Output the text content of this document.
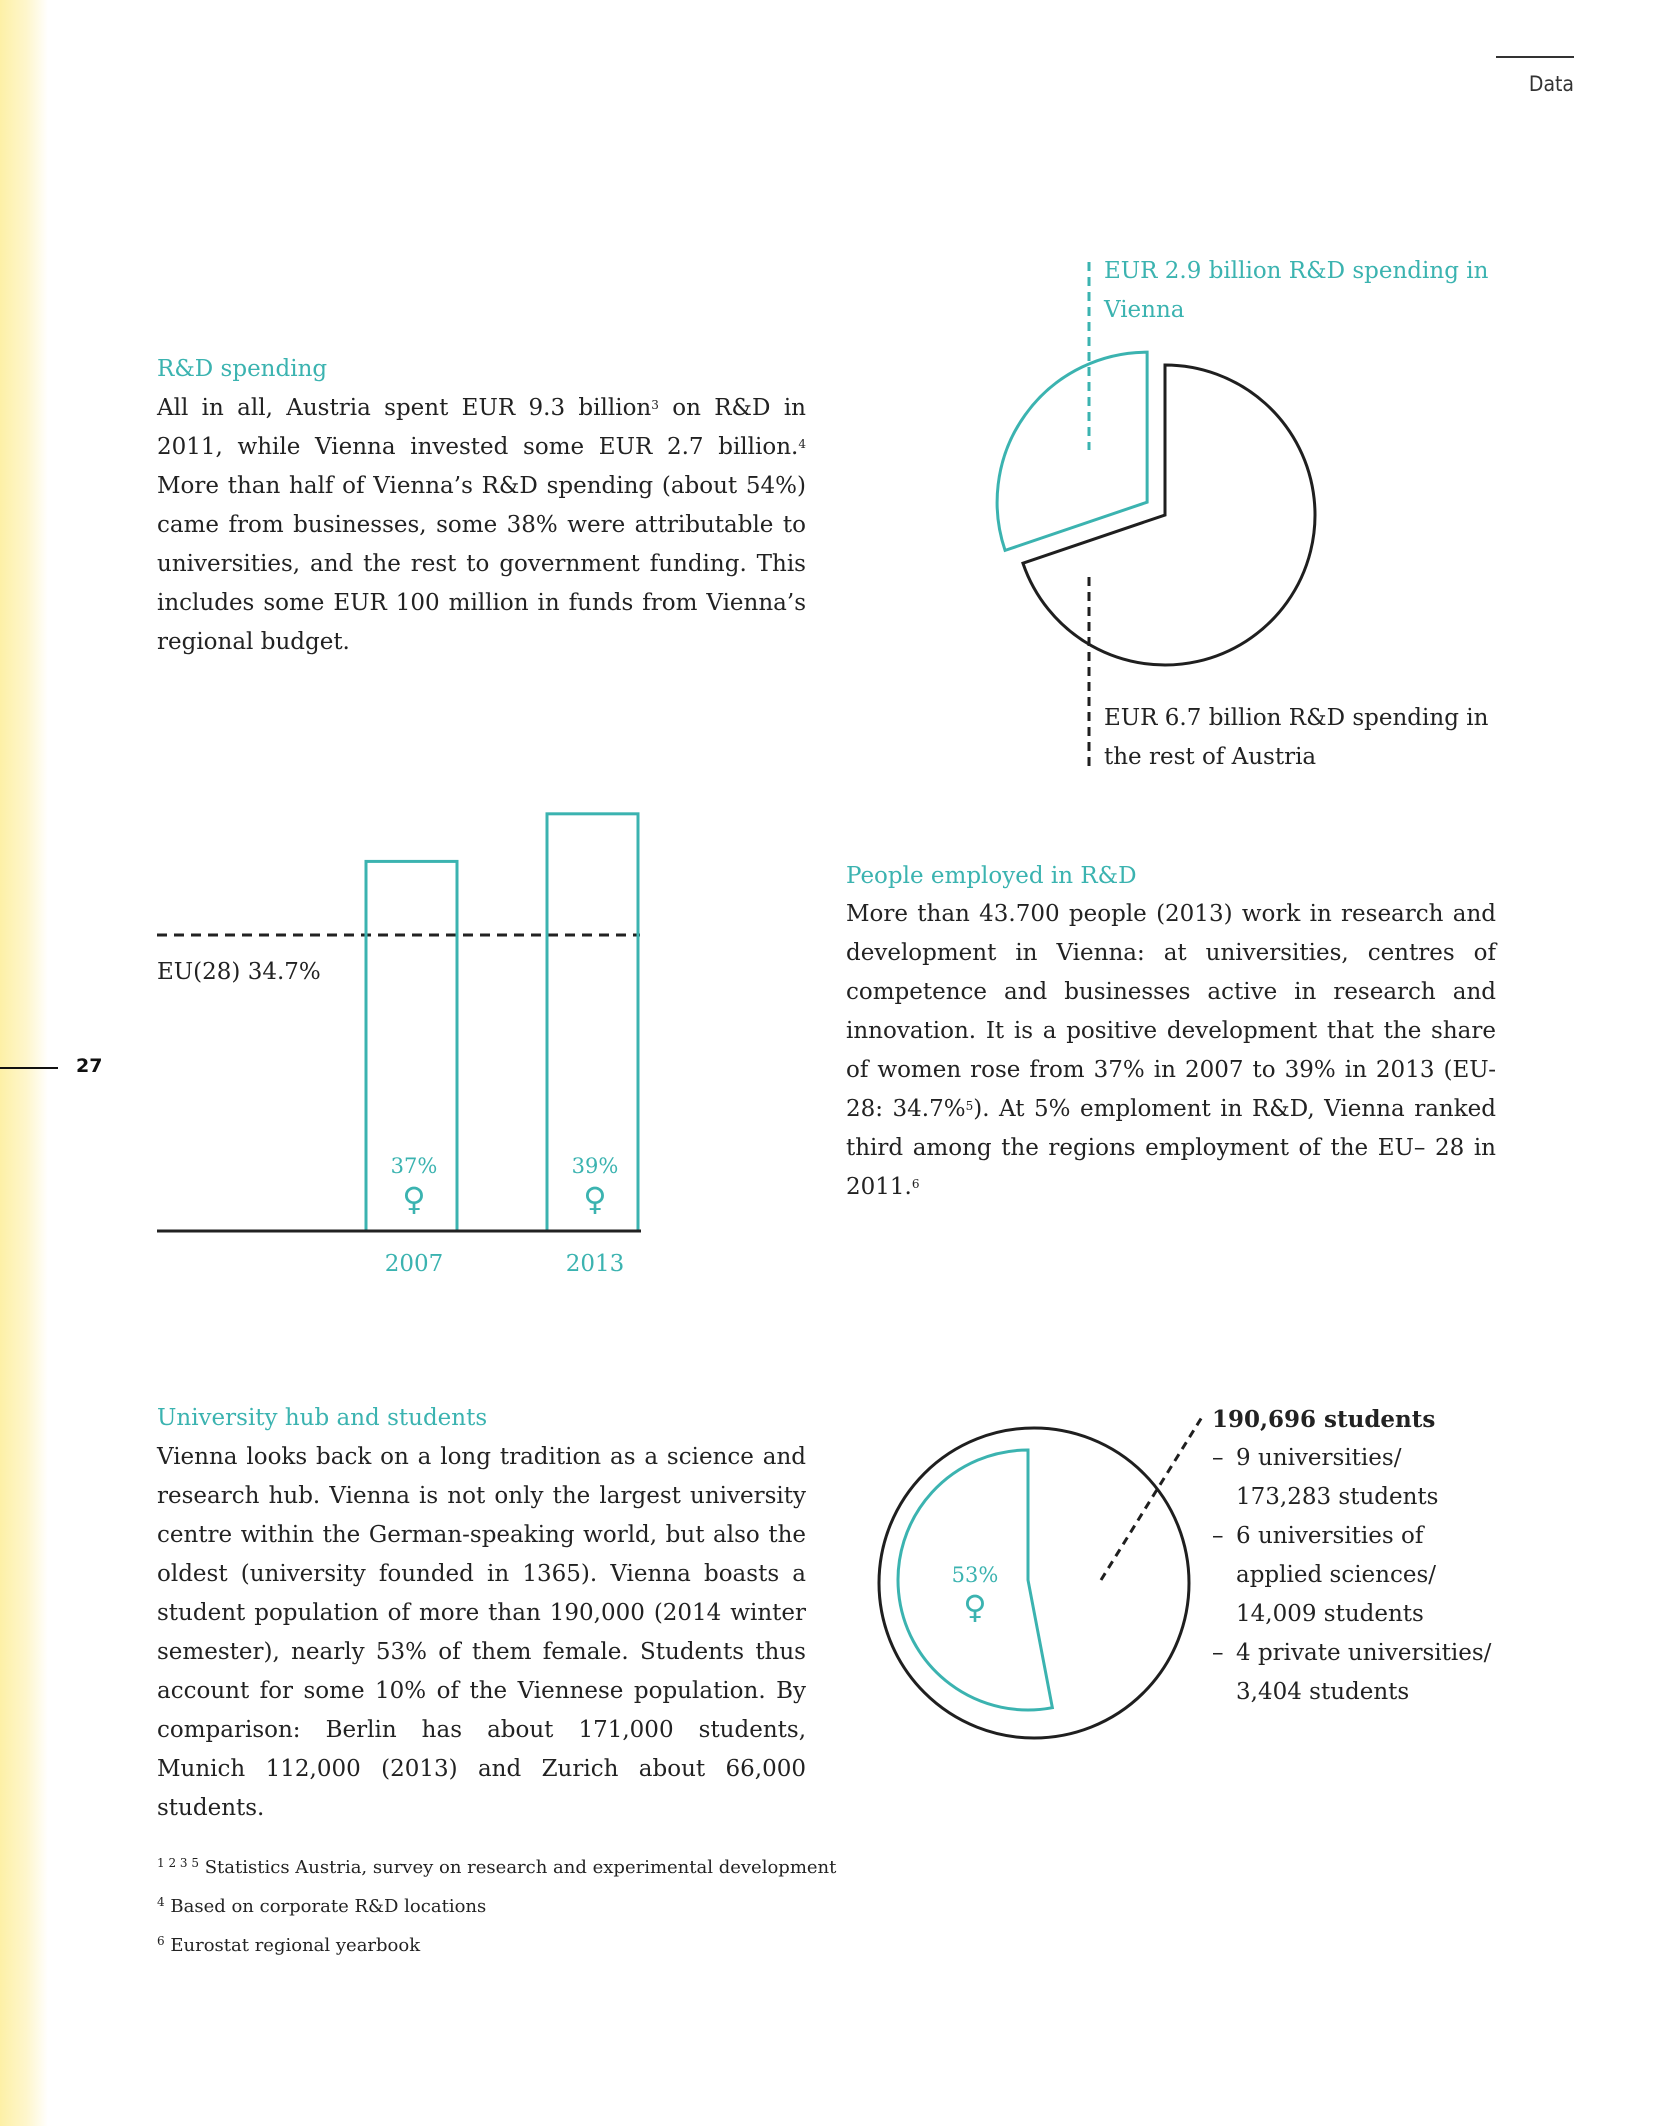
Data
27
R&D spending

All in all, Austria spent EUR 9.3 billion$^3$ on R&D in 2011, while Vienna invested some EUR 2.7 billion.$^4$ More than half of Vienna’s R&D spending (about 54%) came from businesses, some 38% were attributable to universities, and the rest to government funding. This includes some EUR 100 million in funds from Vienna’s regional budget.

EUR 2.9 billion R&D spending in Vienna
EUR 6.7 billion R&D spending in the rest of Austria
EU(28) 34.7%
37%
♀
39%
♀
2007	2013
People employed in R&D

More than 43.700 people (2013) work in research and development in Vienna: at universities, centres of competence and businesses active in research and innovation. It is a positive development that the share of women rose from 37% in 2007 to 39% in 2013 (EU-28: 34.7%$^5$). At 5% emploment in R&D, Vienna ranked third among the regions employment of the EU– 28 in 2011.$^6$

University hub and students

Vienna looks back on a long tradition as a science and research hub. Vienna is not only the largest university centre within the German-speaking world, but also the oldest (university founded in 1365). Vienna boasts a student population of more than 190,000 (2014 winter semester), nearly 53% of them female. Students thus account for some 10% of the Viennese population. By comparison: Berlin has about 171,000 students, Munich 112,000 (2013) and Zurich about 66,000 students.

53%
♀
190,696 students
– 9 universities/
173,283 students
– 6 universities of
applied sciences/
14,009 students
– 4 private universities/
3,404 students
$^{1 2 3 5}$ Statistics Austria, survey on research and experimental development
$^4$ Based on corporate R&D locations
$^6$ Eurostat regional yearbook
